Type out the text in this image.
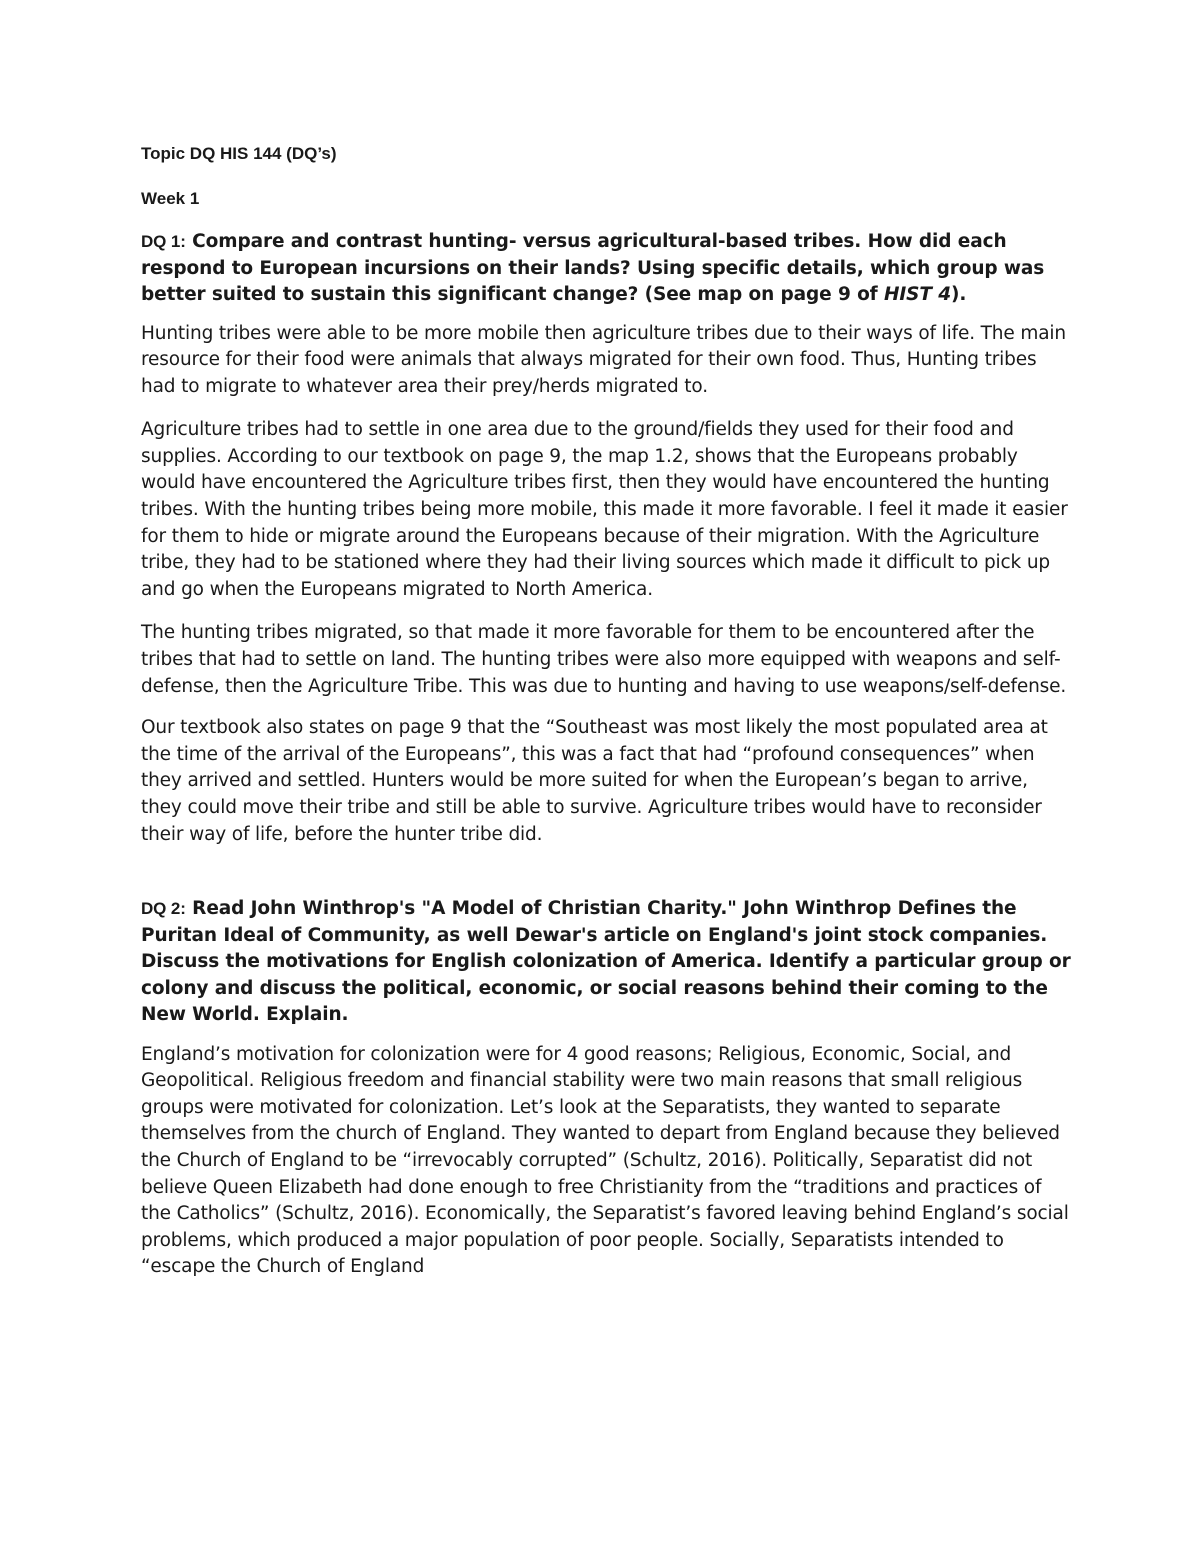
Topic DQ HIS 144 (DQ’s)

Week 1

DQ 1: Compare and contrast hunting- versus agricultural-based tribes. How did each respond to European incursions on their lands? Using specific details, which group was better suited to sustain this significant change? (See map on page 9 of HIST 4).

Hunting tribes were able to be more mobile then agriculture tribes due to their ways of life. The main resource for their food were animals that always migrated for their own food. Thus, Hunting tribes had to migrate to whatever area their prey/herds migrated to.

Agriculture tribes had to settle in one area due to the ground/fields they used for their food and supplies. According to our textbook on page 9, the map 1.2, shows that the Europeans probably would have encountered the Agriculture tribes first, then they would have encountered the hunting tribes. With the hunting tribes being more mobile, this made it more favorable. I feel it made it easier for them to hide or migrate around the Europeans because of their migration. With the Agriculture tribe, they had to be stationed where they had their living sources which made it difficult to pick up and go when the Europeans migrated to North America.

The hunting tribes migrated, so that made it more favorable for them to be encountered after the tribes that had to settle on land. The hunting tribes were also more equipped with weapons and self-defense, then the Agriculture Tribe. This was due to hunting and having to use weapons/self-defense.

Our textbook also states on page 9 that the “Southeast was most likely the most populated area at the time of the arrival of the Europeans”, this was a fact that had “profound consequences” when they arrived and settled. Hunters would be more suited for when the European’s began to arrive, they could move their tribe and still be able to survive. Agriculture tribes would have to reconsider their way of life, before the hunter tribe did.

DQ 2: Read John Winthrop's "A Model of Christian Charity." John Winthrop Defines the Puritan Ideal of Community, as well Dewar's article on England's joint stock companies. Discuss the motivations for English colonization of America. Identify a particular group or colony and discuss the political, economic, or social reasons behind their coming to the New World. Explain.

England’s motivation for colonization were for 4 good reasons; Religious, Economic, Social, and Geopolitical. Religious freedom and financial stability were two main reasons that small religious groups were motivated for colonization. Let’s look at the Separatists, they wanted to separate themselves from the church of England. They wanted to depart from England because they believed the Church of England to be “irrevocably corrupted” (Schultz, 2016). Politically, Separatist did not believe Queen Elizabeth had done enough to free Christianity from the “traditions and practices of the Catholics” (Schultz, 2016). Economically, the Separatist’s favored leaving behind England’s social problems, which produced a major population of poor people. Socially, Separatists intended to “escape the Church of England
